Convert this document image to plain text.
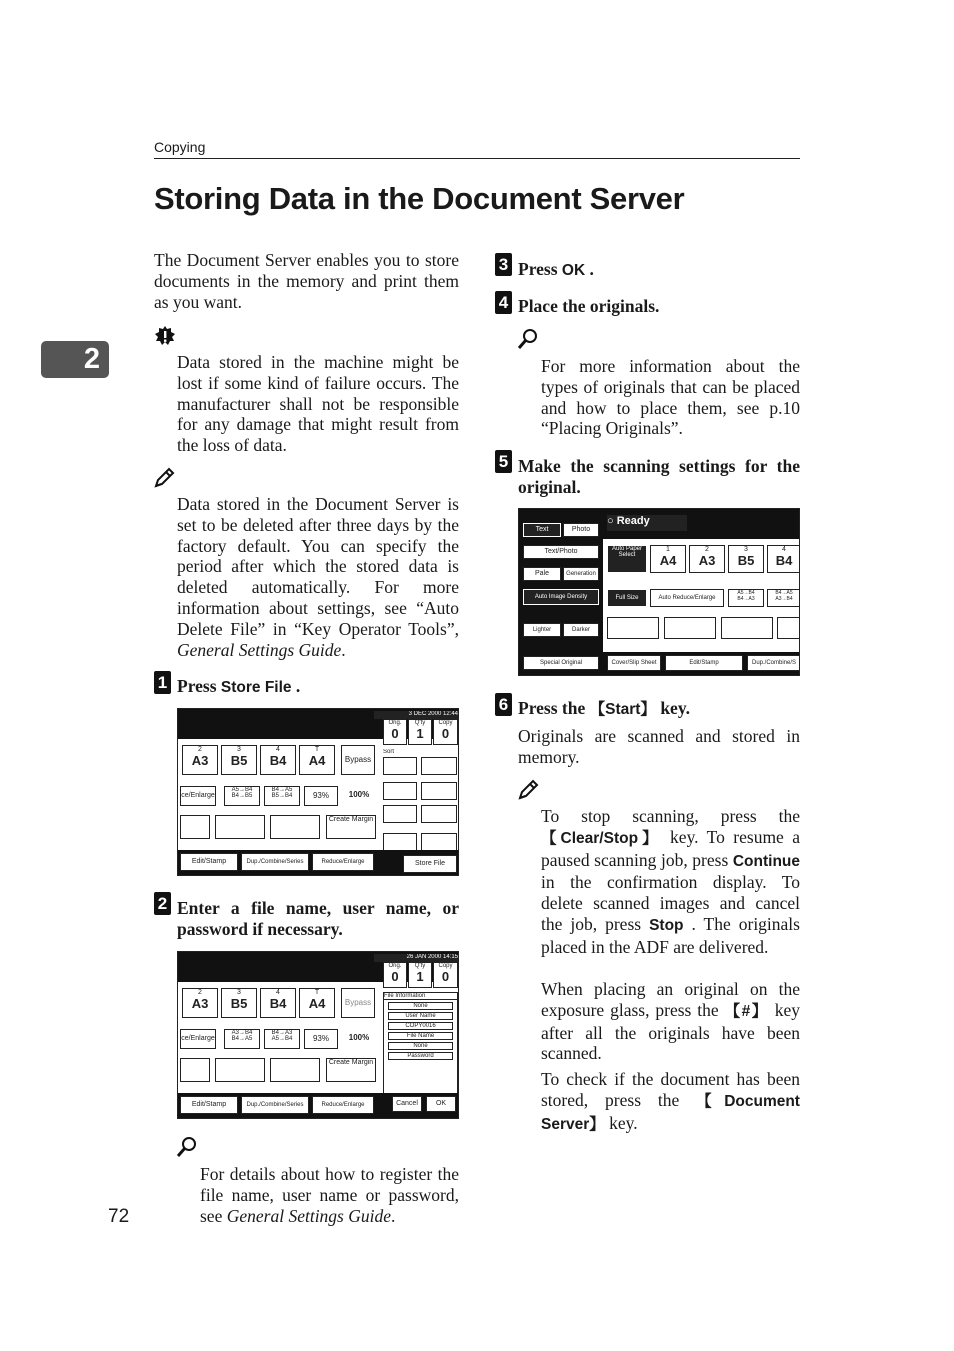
Copying
Storing Data in the Document Server
2
72

The Document Server enables you to store documents in the memory and print them as you want.

Data stored in the machine might be lost if some kind of failure occurs. The manufacturer shall not be responsible for any damage that might result from the loss of data.

Data stored in the Document Server is set to be deleted after three days by the factory default. You can specify the period after which the stored data is deleted automatically. For more information about settings, see “Auto Delete File” in “Key Operator Tools”, General Settings Guide.

1 Press Store File .

3 DEC 2000 12:44
Orig.
0
Q'ty
1
Copy
0
2
A3
3
B5
4
B4
T
A4	Bypass
ce/Enlarge
A5→B4 B4→B5
B4→A5 B5→B4	93%	100%
Create Margin
Sort
Edit/Stamp	Dup./Combine/Series	Reduce/Enlarge	Store File
2 Enter a file name, user name, or password if necessary.

26 JAN 2000 14:15
Orig.
0
Q'ty
1
Copy
0
2
A3
3
B5
4
B4
T
A4	Bypass
ce/Enlarge
A3→B4 B4→A5
B4→A3 A5→B4	93%	100%
Create Margin
File Information
None
User Name
COPY0016
File Name
None
Password
Edit/Stamp	Dup./Combine/Series	Reduce/Enlarge	Cancel	OK

For details about how to register the file name, user name or password, see General Settings Guide.

3 Press OK .

4 Place the originals.

For more information about the types of originals that can be placed and how to place them, see p.10 “Placing Originals”.

5 Make the scanning settings for the original.

○ Ready
Text	Photo
Text/Photo
Pale	Generation
Auto Image Density
Lighter	Darker
Special Original
Auto Paper Select
1
A4
2
A3
3
B5
4
B4
Full Size	Auto Reduce/Enlarge
A5→B4 B4→A3
B4→A5 A3→B4
Cover/Slip Sheet	Edit/Stamp	Dup./Combine/S
6 Press the 【Start】 key.

Originals are scanned and stored in memory.

To stop scanning, press the 【Clear/Stop】 key. To resume a paused scanning job, press Continue in the confirmation display. To delete scanned images and cancel the job, press Stop . The originals placed in the ADF are delivered.

When placing an original on the exposure glass, press the 【#】 key after all the originals have been scanned.

To check if the document has been stored, press the 【Document Server】 key.
